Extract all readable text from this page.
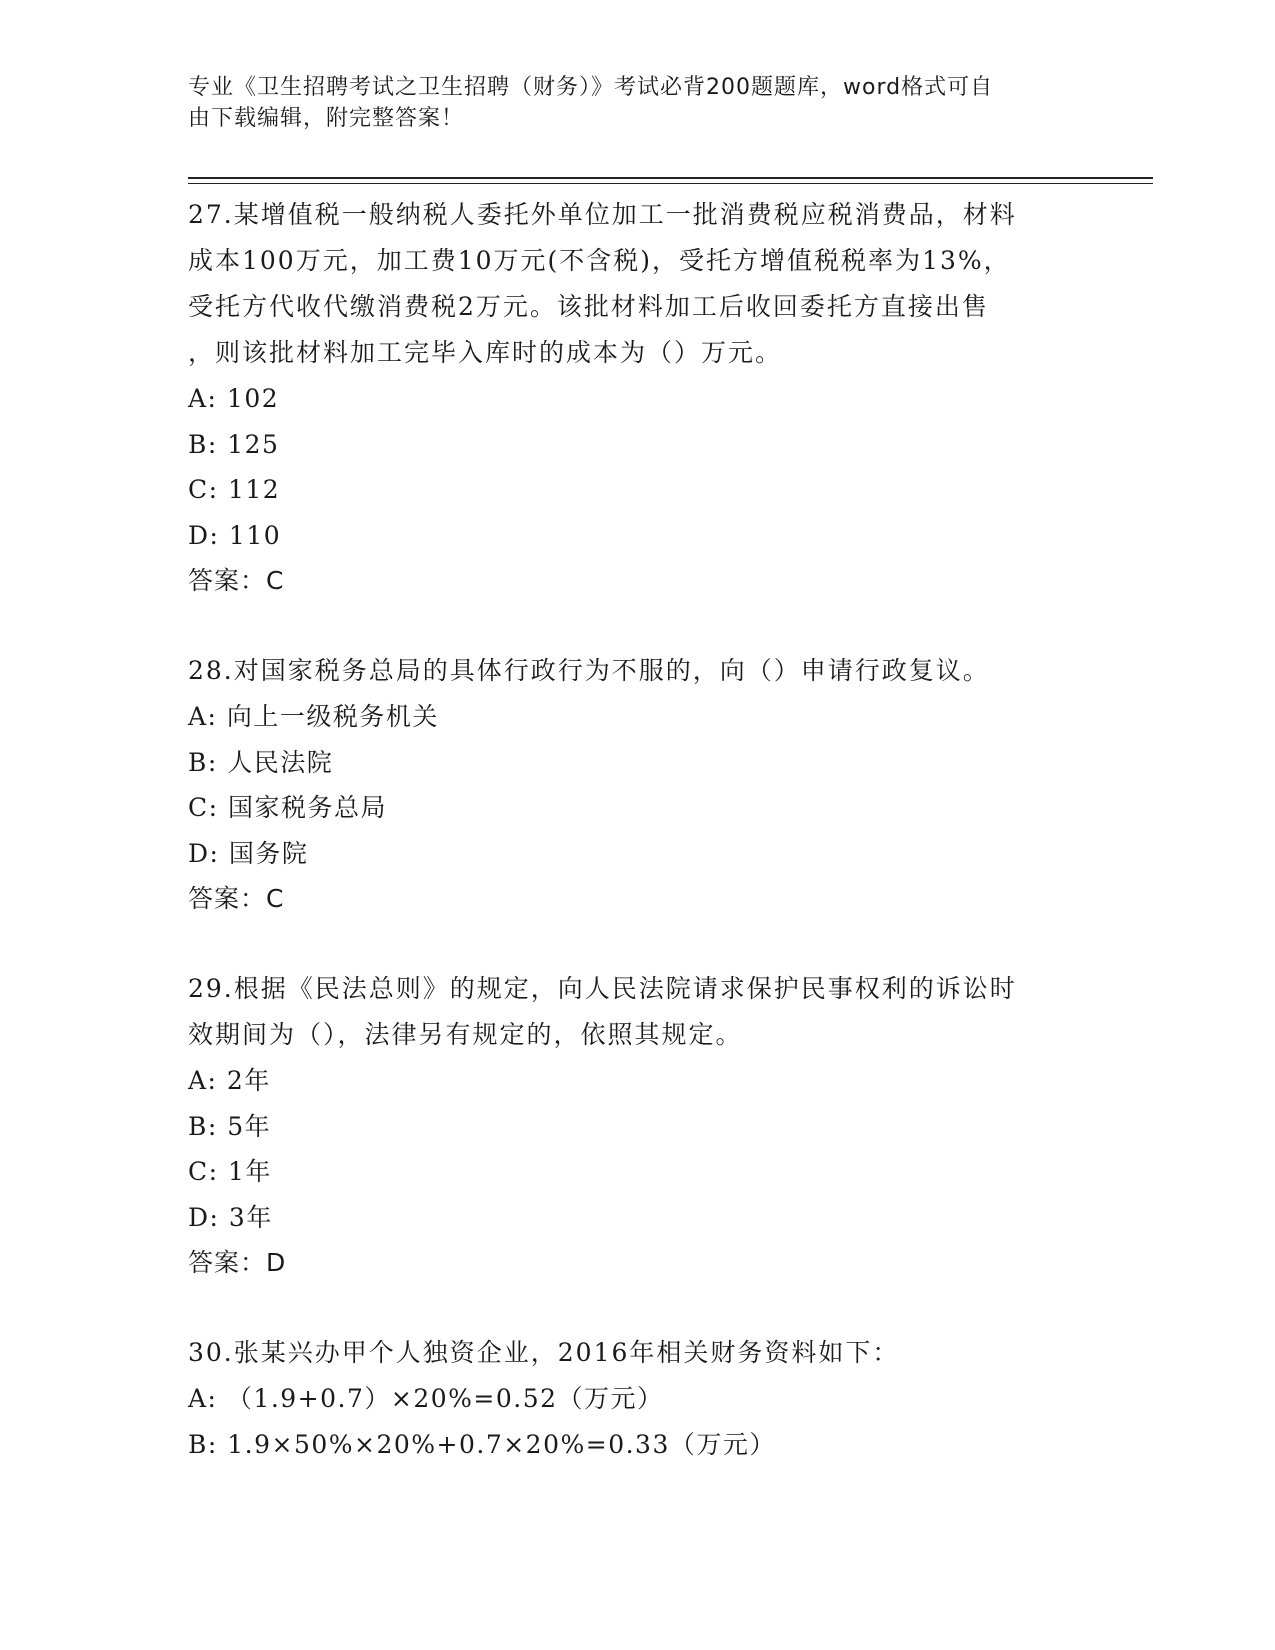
专业《卫生招聘考试之卫生招聘（财务）》考试必背200题题库，word格式可自
由下载编辑，附完整答案！

27.某增值税一般纳税人委托外单位加工一批消费税应税消费品，材料

成本100万元，加工费10万元(不含税)，受托方增值税税率为13%，

受托方代收代缴消费税2万元。该批材料加工后收回委托方直接出售

，则该批材料加工完毕入库时的成本为（）万元。

A: 102

B: 125

C: 112

D: 110

答案：C

28.对国家税务总局的具体行政行为不服的，向（）申请行政复议。

A: 向上一级税务机关

B: 人民法院

C: 国家税务总局

D: 国务院

答案：C

29.根据《民法总则》的规定，向人民法院请求保护民事权利的诉讼时

效期间为（），法律另有规定的，依照其规定。

A: 2年

B: 5年

C: 1年

D: 3年

答案：D

30.张某兴办甲个人独资企业，2016年相关财务资料如下：

A: （1.9+0.7）×20%=0.52（万元）

B: 1.9×50%×20%+0.7×20%=0.33（万元）
